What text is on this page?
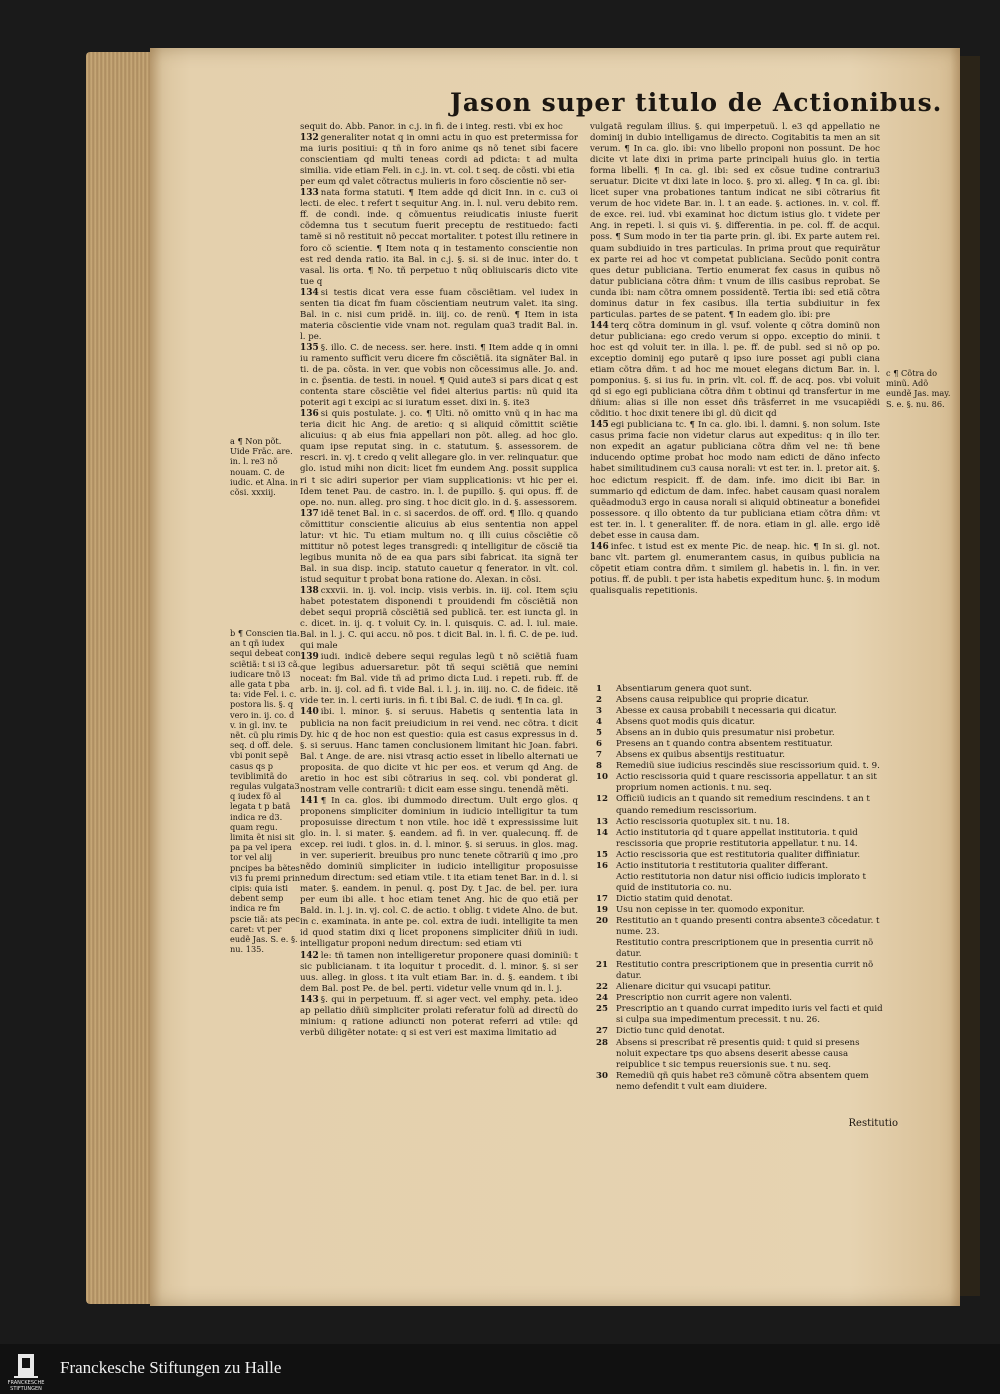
Jason super titulo de Actionibus.

sequit do. Abb. Panor. in c.j. in fi. de i integ. resti. vbi ex hoc

132 generaliter notat q in omni actu in quo est pretermissa for ma iuris positiui: q tñ in foro anime qs nõ tenet sibi facere conscientiam qd multi teneas cordi ad pdicta: t ad multa similia. vide etiam Feli. in c.j. in. vt. col. t seq. de cõsti. vbi etia

per eum qd valet cõtractus mulieris in foro cõscientie nõ ser-

133 nata forma statuti. ¶ Item adde qd dicit Inn. in c. cu3 oi lecti. de elec. t refert t sequitur Ang. in. l. nul. veru debito rem. ff. de condi. inde. q cõmuentus reiudicatis iniuste fuerit cõdemna tus t secutum fuerit preceptu de restituedo: facti tamẽ si nõ restituit nõ peccat mortaliter. t potest illu retinere in foro cõ scientie. ¶ Item nota q in testamento conscientie non est red denda ratio. ita Bal. in c.j. §. si. si de inuc. inter do. t vasal. lis orta. ¶ No. tñ perpetuo t nũq obliuiscaris dicto vite tue q

134 si testis dicat vera esse fuam cõsciẽtiam. vel iudex in senten tia dicat fm fuam cõscientiam neutrum valet. ita sing. Bal. in c. nisi cum pridẽ. in. iiij. co. de renũ. ¶ Item in ista materia cõscientie vide vnam not. regulam qua3 tradit Bal. in. l. pe.

135 §. illo. C. de necess. ser. here. insti. ¶ Item adde q in omni iu ramento sufficit veru dicere fm cõsciẽtiã. ita signãter Bal. in ti. de pa. cõsta. in ver. que vobis non cõcessimus alle. Jo. and. in c. p̃sentia. de testi. in nouel. ¶ Quid aute3 si pars dicat q est contenta stare cõsciẽtie vel fidei alterius partis: nũ quid ita poterit agi t excipi ac si iuratum esset. dixi in. §. ite3

136 si quis postulate. j. co. ¶ Ulti. nõ omitto vnũ q in hac ma teria dicit hic Ang. de aretio: q si aliquid cõmittit sciẽtie alicuius: q ab eius fnia appellari non põt. alleg. ad hoc glo. quam ipse reputat sing. in c. statutum. §. assessorem. de rescri. in. vj. t credo q velit allegare glo. in ver. relinquatur. que glo. istud mihi non dicit: licet fm eundem Ang. possit supplica ri t sic adiri superior per viam supplicationis: vt hic per ei. Idem tenet Pau. de castro. in. l. de pupillo. §. qui opus. ff. de ope. no. nun. alleg. pro sing. t hoc dicit glo. in d. §. assessorem.

137 idẽ tenet Bal. in c. si sacerdos. de off. ord. ¶ Illo. q quando cõmittitur conscientie alicuius ab eius sententia non appel latur: vt hic. Tu etiam multum no. q illi cuius cõsciẽtie cõ mittitur nõ potest leges transgredi: q intelligitur de cõsciẽ tia legibus munita nõ de ea qua pars sibi fabricat. ita signã ter Bal. in sua disp. incip. statuto cauetur q fenerator. in vlt. col. istud sequitur t probat bona ratione do. Alexan. in cõsi.

138 cxxvii. in. ij. vol. incip. visis verbis. in. iij. col. Item sçiu habet potestatem disponendi t prouidendi fm cõsciẽtiã non debet sequi propriã cõsciẽtiã sed publicã. ter. est iuncta gl. in c. dicet. in. ij. q. t voluit Cy. in. l. quisquis. C. ad. l. iul. maie. Bal. in l. j. C. qui accu. nõ pos. t dicit Bal. in. l. fi. C. de pe. iud. qui male

139 iudi. indicẽ debere sequi regulas legũ t nõ sciẽtiã fuam que legibus aduersaretur. põt tñ sequi sciẽtiã que nemini noceat: fm Bal. vide tñ ad primo dicta Lud. i repeti. rub. ff. de arb. in. ij. col. ad fi. t vide Bal. i. l. j. in. iiij. no. C. de fideic. itẽ vide ter. in. l. certi iuris. in fi. t ibi Bal. C. de iudi. ¶ In ca. gl.

140 ibi. l. minor. §. si seruus. Habetis q sententia lata in publicia na non facit preiudicium in rei vend. nec cõtra. t dicit Dy. hic q de hoc non est questio: quia est casus expressus in d. §. si seruus. Hanc tamen conclusionem limitant hic Joan. fabri. Bal. t Ange. de are. nisi vtrasq actio esset in libello alternati ue proposita. de quo dicite vt hic per eos. et verum qd Ang. de aretio in hoc est sibi cõtrarius in seq. col. vbi ponderat gl. nostram velle contrariũ: t dicit eam esse singu. tenendã mẽti.

141 ¶ In ca. glos. ibi dummodo directum. Uult ergo glos. q proponens simpliciter dominium in iudicio intelligitur ta tum proposuisse directum t non vtile. hoc idẽ t expressissime luit glo. in. l. si mater. §. eandem. ad fi. in ver. qualecunq. ff. de excep. rei iudi. t glos. in. d. l. minor. §. si seruus. in glos. mag. in ver. superierit. breuibus pro nunc tenete cõtrariũ q imo ,pro nẽdo dominiũ simpliciter in iudicio intelligitur proposuisse nedum directum: sed etiam vtile. t ita etiam tenet Bar. in d. l. si mater. §. eandem. in penul. q. post Dy. t Jac. de bel. per. iura per eum ibi alle. t hoc etiam tenet Ang. hic de quo etiã per Bald. in. l. j. in. vj. col. C. de actio. t oblig. t videte Alno. de but. in c. examinata. in ante pe. col. extra de iudi. intelligite ta men id quod statim dixi q licet proponens simpliciter dñiũ in iudi. intelligatur proponi nedum directum: sed etiam vti

142 le: tñ tamen non intelligeretur proponere quasi dominiũ: t sic publicianam. t ita loquitur t procedit. d. l. minor. §. si ser uus. alleg. in gloss. t ita vult etiam Bar. in. d. §. eandem. t ibi dem Bal. post Pe. de bel. perti. videtur velle vnum qd in. l. j.

143 §. qui in perpetuum. ff. si ager vect. vel emphy. peta. ideo ap pellatio dñiũ simpliciter prolati referatur folũ ad directũ do minium: q ratione adiuncti non poterat referri ad vtile: qd verbũ diligẽter notate: q si est veri est maxima limitatio ad

vulgatã regulam illius. §. qui imperpetuũ. l. e3 qd appellatio ne dominij in dubio intelligamus de directo. Cogitabitis ta men an sit verum. ¶ In ca. glo. ibi: vno libello proponi non possunt. De hoc dicite vt late dixi in prima parte principali huius glo. in tertia forma libelli. ¶ In ca. gl. ibi: sed ex cõsue tudine contrariu3 seruatur. Dicite vt dixi late in loco. §. pro xi. alleg. ¶ In ca. gl. ibi: licet super vna probationes tantum indicat ne sibi cõtrarius fit verum de hoc videte Bar. in. l. t an eade. §. actiones. in. v. col. ff. de exce. rei. iud. vbi examinat hoc dictum istius glo. t videte per Ang. in repeti. l. si quis vi. §. differentia. in pe. col. ff. de acqui. poss. ¶ Sum modo in ter tia parte prin. gl. ibi. Ex parte autem rei. quam subdiuido in tres particulas. In prima prout que requirãtur ex parte rei ad hoc vt competat publiciana. Secũdo ponit contra ques detur publiciana. Tertio enumerat fex casus in quibus nõ datur publiciana cõtra dñm: t vnum de illis casibus reprobat. Se cunda ibi: nam cõtra omnem possidentẽ. Tertia ibi: sed etiã cõtra dominus datur in fex casibus. illa tertia subdiuitur in fex particulas. partes de se patent. ¶ In eadem glo. ibi: pre

144 terq cõtra dominum in gl. vsuf. volente q cõtra dominũ non detur publiciana: ego credo verum si oppo. exceptio do minii. t hoc est qd voluit ter. in illa. l. pe. ff. de publ. sed si nõ op po. exceptio dominij ego putarẽ q ipso iure posset agi publi ciana etiam cõtra dñm. t ad hoc me mouet elegans dictum Bar. in. l. pomponius. §. si ius fu. in prin. vlt. col. ff. de acq. pos. vbi voluit qd si ego egi publiciana cõtra dñm t obtinui qd transfertur in me dñium: alias si ille non esset dñs trãsferret in me vsucapiẽdi cõditio. t hoc dixit tenere ibi gl. dũ dicit qd

145 egi publiciana tc. ¶ In ca. glo. ibi. l. damni. §. non solum. Iste casus prima facie non videtur clarus aut expeditus: q in illo ter. non expedit an agatur publiciana cõtra dñm vel ne: tñ bene inducendo optime probat hoc modo nam edicti de dãno infecto habet similitudinem cu3 causa norali: vt est ter. in. l. pretor ait. §. hoc edictum respicit. ff. de dam. infe. imo dicit ibi Bar. in summario qd edictum de dam. infec. habet causam quasi noralem quẽadmodu3 ergo in causa norali si aliquid obtineatur a bonefidei possessore. q illo obtento da tur publiciana etiam cõtra dñm: vt est ter. in. l. t generaliter. ff. de nora. etiam in gl. alle. ergo idẽ debet esse in causa dam.

146 infec. t istud est ex mente Pic. de neap. hic. ¶ In si. gl. not. banc vlt. partem gl. enumerantem casus, in quibus publicia na cõpetit etiam contra dñm. t similem gl. habetis in. l. fin. in ver. potius. ff. de publi. t per ista habetis expeditum hunc. §. in modum qualisqualis repetitionis.

a ¶ Non põt. Uide Fräc. are. in. l. re3 nõ nouam. C. de iudic. et Alna. in cõsi. xxxiij.

b ¶ Conscien tia. an t qñ iudex sequi debeat con sciẽtiã: t si i3 cã. iudicare tnõ i3 alle gata t pba ta: vide Fel. i. c. postora lis. §. q vero in. ij. co. d v. in gl. inv. te nẽt. cũ plu rimis seq. d off. dele. vbi ponit sepẽ casus qs p teviblimitã do regulas vulgata3 q iudex fõ al legata t p batã indica re d3. quam regu. limita ẽt nisi sit pa pa vel ipera tor vel alij pncipes ba bẽtes vi3 fu premi prin cipis: quia isti debent semp indica re fm pscie tiã: ats pec caret: vt per eudẽ Jas. S. e. §. nu. 135.

c ¶ Cõtra do minũ. Adõ eundẽ Jas. may. S. e. §. nu. 86.

1	Absentiarum genera quot sunt.
2	Absens causa reipublice qui proprie dicatur.
3	Abesse ex causa probabili t necessaria qui dicatur.
4	Absens quot modis quis dicatur.
5	Absens an in dubio quis presumatur nisi probetur.
6	Presens an t quando contra absentem restituatur.
7	Absens ex quibus absentijs restituatur.
8	Remediũ siue iudicius rescindẽs siue rescissorium quid. t. 9.
10 Actio rescissoria quid t quare rescissoria appellatur. t an sit proprium nomen actionis. t nu. seq.
12 Officiũ iudicis an t quando sit remedium rescindens. t an t quando remedium rescissorium.
13 Actio rescissoria quotuplex sit. t nu. 18.
14 Actio institutoria qd t quare appellat institutoria. t quid rescissoria que proprie restitutoria appellatur. t nu. 14.
15 Actio rescissoria que est restitutoria qualiter diffiniatur.
16 Actio institutoria t restitutoria qualiter differant.
Actio restitutoria non datur nisi officio iudicis implorato t quid de institutoria co. nu.
17 Dictio statim quid denotat.
19 Usu non cepisse in ter. quomodo exponitur.
20 Restitutio an t quando presenti contra absente3 cõcedatur. t nume. 23.
Restitutio contra prescriptionem que in presentia currit nõ datur.
21 Restitutio contra prescriptionem que in presentia currit nõ datur.
22 Alienare dicitur qui vsucapi patitur.
24 Prescriptio non currit agere non valenti.
25 Prescriptio an t quando currat impedito iuris vel facti et quid si culpa sua impedimentum precessit. t nu. 26.
27 Dictio tunc quid denotat.
28 Absens si prescribat rẽ presentis quid: t quid si presens noluit expectare tps quo absens deserit abesse causa reipublice t sic tempus reuersionis sue. t nu. seq.
30 Remediũ qñ quis habet re3 cõmunẽ cõtra absentem quem nemo defendit t vult eam diuidere.
Restitutio
FRANCKESCHE STIFTUNGEN
Franckesche Stiftungen zu Halle
